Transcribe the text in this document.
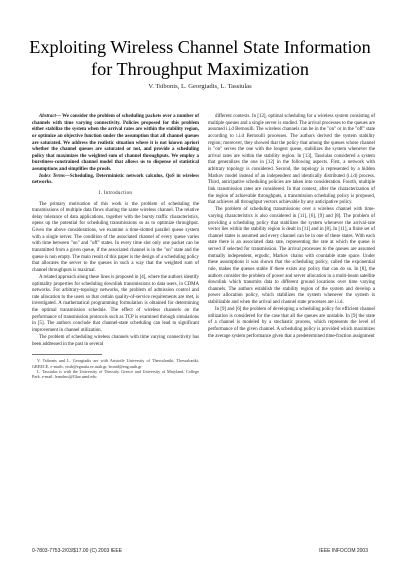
Exploiting Wireless Channel State Information for Throughput Maximization
V. Tsibonis, L. Georgiadis, L. Tassiulas

Abstract— We consider the problem of scheduling packets over a number of channels with time varying connectivity. Policies proposed for this problem either stabilize the system when the arrival rates are within the stability region, or optimize an objective function under the assumption that all channel queues are saturated. We address the realistic situation where it is not known apriori whether the channel queues are saturated or not, and provide a scheduling policy that maximizes the weighted sum of channel throughputs. We employ a burstiness-constrained channel model that allows us to dispense of statistical assumptions and simplifies the proofs.

Index Terms—Scheduling, Deterministic network calculus, QoS in wireless networks.

I. Introduction

The primary motivation of this work is the problem of scheduling the transmissions of multiple data flows sharing the same wireless channel. The relative delay tolerance of data applications, together with the bursty traffic characteristics, opens up the potential for scheduling transmissions so as to optimize throughput. Given the above considerations, we examine a time-slotted parallel queue system with a single server. The condition of the associated channel of every queue varies with time between "on" and "off" states. In every time slot only one packet can be transmitted from a given queue, if the associated channel is in the "on" state and the queue is non empty. The main result of this paper is the design of a scheduling policy that allocates the server to the queues in such a way that the weighted sum of channel throughputs is maximal.

A related approach along these lines is proposed in [4], where the authors identify optimality properties for scheduling downlink transmissions to data users, in CDMA networks. For arbitrary-topology networks, the problem of admission control and rate allocation to the users so that certain quality-of-service requirements are met, is investigated. A mathematical programming formulation is obtained for determining the optimal transmission schedule. The effect of wireless channels on the performance of transmission protocols such as TCP is examined through simulations in [5]. The authors conclude that channel-state scheduling can lead to significant improvement in channel utilization.

The problem of scheduling wireless channels with time varying connectivity has been addressed in the past in several

V. Tsibonis and L. Georgiadis are with Aristotle University of Thessaloniki, Thessaloniki, GREECE. e-mails: vtsib@egnatia.ee.auth.gr, leonid@eng.auth.gr
L. Tassiulas is with the University of Thessaly, Greece and University of Maryland, College Park. e-mail: leandros@Glue.umd.edu

different contexts. In [12], optimal scheduling for a wireless system consisting of multiple queues and a single server is studied. The arrival processes to the queues are assumed i.i.d Bernoulli. The wireless channels can be in the "on" or in the "off" state according to i.i.d Bernoulli processes. The authors derived the system stability region; moreover, they showed that the policy that among the queues whose channel is "on" serves the one with the longest queue, stabilizes the system whenever the arrival rates are within the stability region. In [13], Tassiulas considered a system that generalizes the one in [12] in the following aspects. First, a network with arbitrary topology is considered. Second, the topology is represented by a hidden Markov model instead of an independent and identically distributed (i.i.d) process. Third, anticipative scheduling policies are taken into consideration. Fourth, multiple link transmission rates are considered. In that context, after the characterization of the region of achievable throughputs, a transmission scheduling policy is proposed, that achieves all throughput vectors achievable by any anticipative policy.

The problem of scheduling transmissions over a wireless channel with time-varying characteristics is also considered in [11], [6], [9] and [8]. The problem of providing a scheduling policy that stabilizes the system whenever the arrival-rate vector lies within the stability region is dealt in [11] and in [8]. In [11], a finite set of channel states is assumed and every channel can be in one of these states. With each state there is an associated data rate, representing the rate at which the queue is served if selected for transmission. The arrival processes to the queues are assumed mutually independent, ergodic, Markov chains with countable state space. Under these assumptions it was shown that the scheduling policy, called the exponential rule, makes the queues stable if there exists any policy that can do so. In [8], the authors consider the problem of power and server allocation in a multi-beam satellite downlink which transmits data to different ground locations over time varying channels. The authors establish the stability region of the system and develop a power allocation policy, which stabilizes the system whenever the system is stabilizable and when the arrival and channel state processes are i.i.d.

In [9] and [6] the problem of developing a scheduling policy for efficient channel utilization is considered for the case that all the queues are unstable. In [9] the state of a channel is modeled by a stochastic process, which represents the level of performance of the given channel. A scheduling policy is provided which maximizes the average system performance given that a predetermined time-fraction assignment

0-7803-7753-2/03/$17.00 (C) 2003 IEEE	IEEE INFOCOM 2003
